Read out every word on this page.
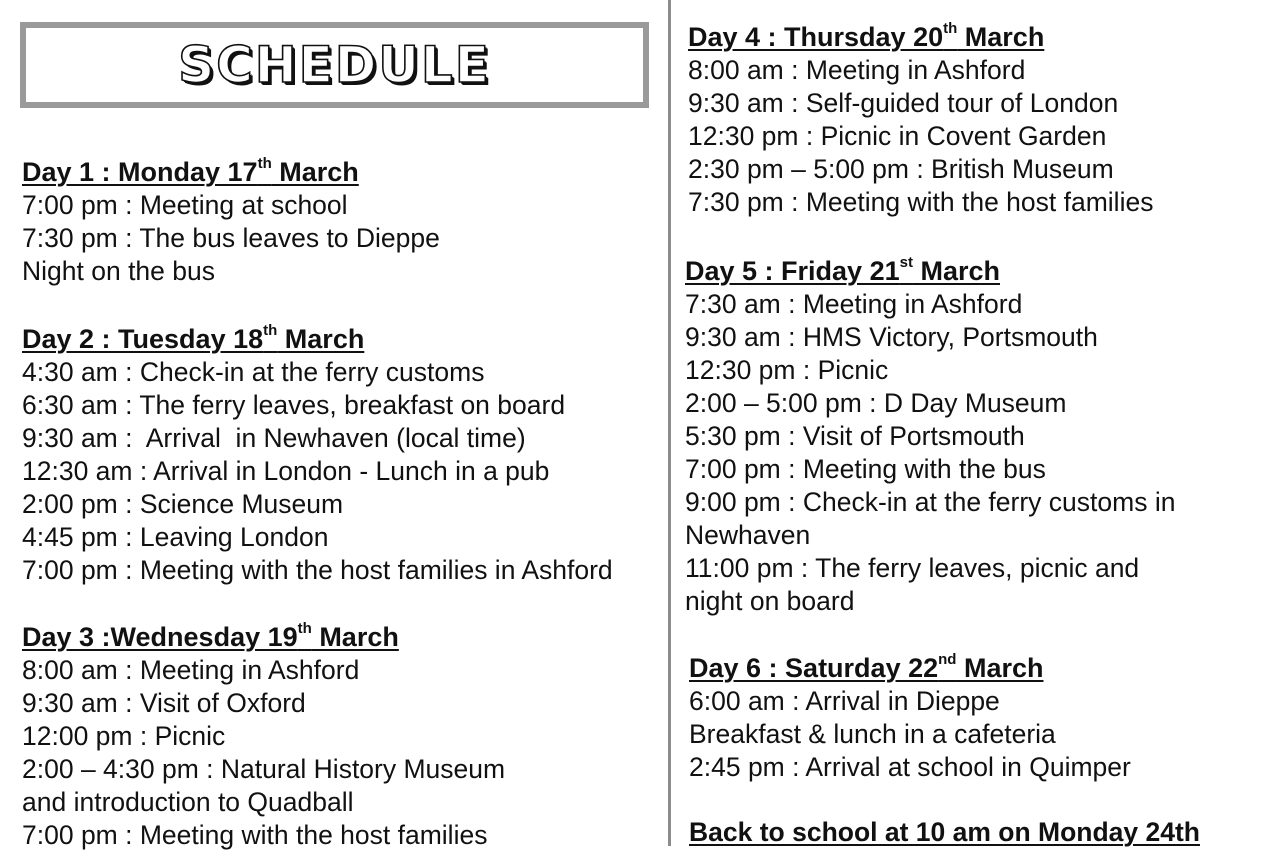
SCHEDULE
Day 1 : Monday 17th March
7:00 pm : Meeting at school
7:30 pm : The bus leaves to Dieppe
Night on the bus
Day 2 : Tuesday 18th March
4:30 am : Check-in at the ferry customs
6:30 am : The ferry leaves, breakfast on board
9:30 am :  Arrival  in Newhaven (local time)
12:30 am : Arrival in London - Lunch in a pub
2:00 pm : Science Museum
4:45 pm : Leaving London
7:00 pm : Meeting with the host families in Ashford
Day 3 :Wednesday 19th March
8:00 am : Meeting in Ashford
9:30 am : Visit of Oxford
12:00 pm : Picnic
2:00 – 4:30 pm : Natural History Museum
and introduction to Quadball
7:00 pm : Meeting with the host families
Day 4 : Thursday 20th March
8:00 am : Meeting in Ashford
9:30 am : Self-guided tour of London
12:30 pm : Picnic in Covent Garden
2:30 pm – 5:00 pm : British Museum
7:30 pm : Meeting with the host families
Day 5 : Friday 21st March
7:30 am : Meeting in Ashford
9:30 am : HMS Victory, Portsmouth
12:30 pm : Picnic
2:00 – 5:00 pm : D Day Museum
5:30 pm : Visit of Portsmouth
7:00 pm : Meeting with the bus
9:00 pm : Check-in at the ferry customs in Newhaven
11:00 pm : The ferry leaves, picnic and night on board
Day 6 : Saturday 22nd March
6:00 am : Arrival in Dieppe
Breakfast & lunch in a cafeteria
2:45 pm : Arrival at school in Quimper
Back to school at 10 am on Monday 24th
